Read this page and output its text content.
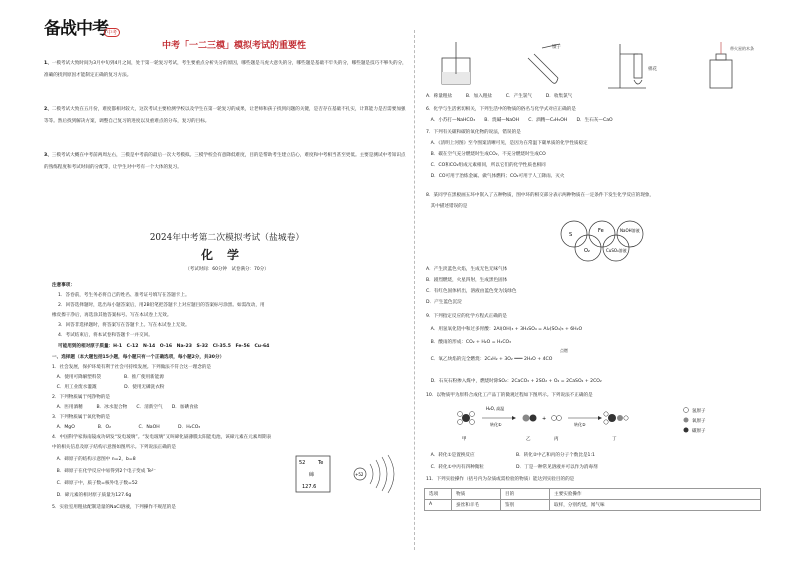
备战中考 中考
中考「一二三模」模拟考试的重要性
1、一模考试大致时间为3月中旬到4月之间，处于第一轮复习考试，考生要重点分析失分的原因，哪些题是马虎大意失的分，哪些题是基础不牢失的分，哪些题是技巧不够失的分，准确的找到原因才能制定正确的复习方法。
2、二模考试大致在五月份，难度都相对较大，这次考试主要检测学校以及学生在第一轮复习的成果，让老师和孩子找到问题的关键，是否存在基础不扎实，计算能力是否需要加强等等。然后找到解决方案，调整自己复习的进度以及重难点的分布，复习的目标。
3、三模考试大概在中考前两周左右，三模是中考前的最后一次大考模拟。三模学校会有意降低难度，目的是帮助考生建立信心，难度和中考相当甚至更低。主要是测试中考知识点的熟练程度和考试时间的分配等，让学生对中考有一个大体的复习。
镊子
棉花
带火星的木条
A．称量粗盐　　　B．加入粗盐　　　C．产生氯气　　　D．收集氯气
2024年中考第二次模拟考试（盐城卷）
化学
（考试时间：60分钟　试卷满分：70分）
注意事项：
1．答卷前，考生务必将自己的姓名、准考证号填写在答题卡上。
2．回答选择题时，选出每小题答案后，用2B铅笔把答题卡上对应题目的答案标号涂黑。如需改动，用
橡皮擦干净后，再选涂其他答案标号。写在本试卷上无效。
3．回答非选择题时，将答案写在答题卡上。写在本试卷上无效。
4．考试结束后，将本试卷和答题卡一并交回。
可能用到的相对原子质量：H-1　C-12　N-14　O-16　Na-23　S-32　Cl-35.5　Fe-56　Cu-64
一、选择题（本大题包括15小题，每小题只有一个正确选项，每小题2分，共30分）
1．社会发展，保护环境有利于社会可持续发展。下列做法不符合这一理念的是
　A．使用可降解塑料袋　　　　　B．推广使用新能源
　C．用工业废水灌溉　　　　　　D．使用无磷洗衣粉
2．下列物质属于纯净物的是
　A．医用酒精　　　B．冰水混合物　　C．清新空气　　D．加碘食盐
3．下列物质属于氧化物的是
　A．MgO　　　　　B．O₂　　　　　　C．NaOH　　　　D．H₂CO₃
4．中国科学家海南镜成功研发“发电玻璃”。“发电玻璃”又叫碲化镉薄膜太阳能电池，该碲元素在元素周期表
中的相关信息及原子结构示意图如图所示。下列说法正确的是
　A．碲原子的结构示意图中 n=2，b=8
　B．碲原子在化学反应中易得到2个电子变成 Te²⁻
　C．碲原子中，质子数=核外电子数=52
　D．碲元素的相对原子质量为127.6g
5．实验室用粗盐配制适量的NaCl溶液，下列操作不规范的是
52	Te
碲
127.6
+52
6．化学与生活密切相关，下列生活中的物质的俗名与化学式对应正确的是
　A．小苏打—NaHCO₃　　B．烧碱—NaOH　　C．酒精—C₂H₅OH　　D．生石灰—CaO
7．下列有关碳和碳的氧化物的说法，错误的是
　A．《清明上河图》至今图案清晰可见，是因为在常温下碳单质的化学性质稳定
　B．碳在空气充分燃烧时生成CO₂，不充分燃烧时生成CO
　C．CO和CO₂组成元素相同，所以它们的化学性质也相同
　D．CO可用于冶炼金属、做气体燃料；CO₂可用于人工降雨、灭火
8．某同学在黑板画五环中嵌入了五种物质，图中环的相交部分表示两种物质在一定条件下发生化学反应的现象，
　其中描述错误的是
S
Fe	NaOH溶液
O₂	CuSO₄溶液
A．产生淡蓝色火焰，生成无色无味气体
B．剧烈燃烧，火星四射，生成黑色固体
C．有红色固体析出，溶液由蓝色变为浅绿色
D．产生蓝色沉淀
9．下列指定反应的化学方程式正确的是
　A．用氢氧化铝中和过多胃酸：2Al(OH)₃ + 3H₂SO₄ = Al₂(SO₄)₃ + 6H₂O
　B．酸雨的形成：CO₂ + H₂O = H₂CO₃
点燃
　C．氧乙炔焰的完全燃烧：2C₂H₂ + 3O₂ ═══ 2H₂O + 4CO
　D．石灰石粉掺入煤中，燃烧时除SO₂：2CaCO₃ + 2SO₂ + O₂ = 2CaSO₄ + 2CO₂
10．以物质甲为原料合成化工产品丁的微观过程如下图所示。下列说法不正确的是
H₂O, 高温
转化①
+
转化②
甲	乙	丙	丁
氢原子
氧原子
碳原子
　A．转化①是置换反应　　　　　　　　　B．转化②中乙和丙的分子个数比是1:1
　C．转化①中丙有四种微粒　　　　　　　D．丁是一种常见溶液并可以作为消毒剂
11．下列实验操作（括号内为杂质或需检验的物质）能达到实验目的的是
选项	物质	目的	主要实验操作
A	蚕丝和羊毛	鉴别	取样，分别灼烧，闻气味
